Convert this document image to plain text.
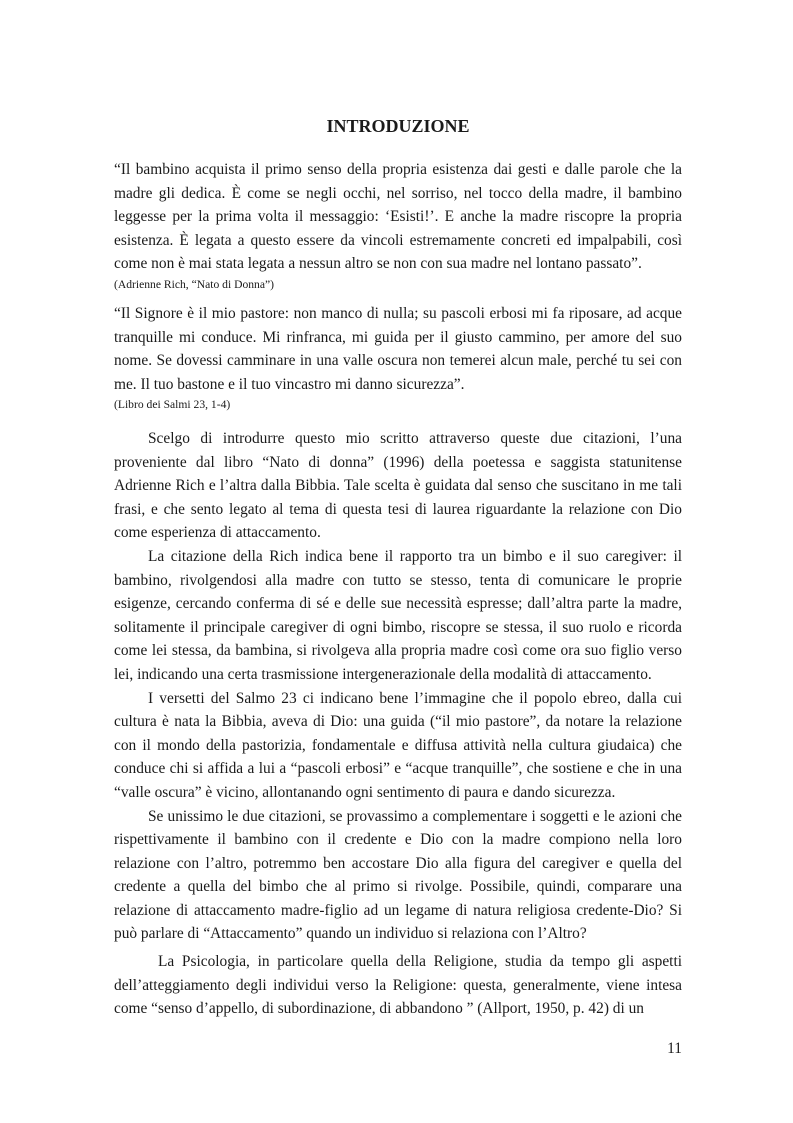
INTRODUZIONE
“Il bambino acquista il primo senso della propria esistenza dai gesti e dalle parole che la madre gli dedica. È come se negli occhi, nel sorriso, nel tocco della madre, il bambino leggesse per la prima volta il messaggio: ‘Esisti!’. E anche la madre riscopre la propria esistenza. È legata a questo essere da vincoli estremamente concreti ed impalpabili, così come non è mai stata legata a nessun altro se non con sua madre nel lontano passato”.
(Adrienne Rich, “Nato di Donna”)
“Il Signore è il mio pastore: non manco di nulla; su pascoli erbosi mi fa riposare, ad acque tranquille mi conduce. Mi rinfranca, mi guida per il giusto cammino, per amore del suo nome. Se dovessi camminare in una valle oscura non temerei alcun male, perché tu sei con me. Il tuo bastone e il tuo vincastro mi danno sicurezza”.
(Libro dei Salmi 23, 1-4)

Scelgo di introdurre questo mio scritto attraverso queste due citazioni, l’una proveniente dal libro “Nato di donna” (1996) della poetessa e saggista statunitense Adrienne Rich e l’altra dalla Bibbia. Tale scelta è guidata dal senso che suscitano in me tali frasi, e che sento legato al tema di questa tesi di laurea riguardante la relazione con Dio come esperienza di attaccamento.

La citazione della Rich indica bene il rapporto tra un bimbo e il suo caregiver: il bambino, rivolgendosi alla madre con tutto se stesso, tenta di comunicare le proprie esigenze, cercando conferma di sé e delle sue necessità espresse; dall’altra parte la madre, solitamente il principale caregiver di ogni bimbo, riscopre se stessa, il suo ruolo e ricorda come lei stessa, da bambina, si rivolgeva alla propria madre così come ora suo figlio verso lei, indicando una certa trasmissione intergenerazionale della modalità di attaccamento.

I versetti del Salmo 23 ci indicano bene l’immagine che il popolo ebreo, dalla cui cultura è nata la Bibbia, aveva di Dio: una guida (“il mio pastore”, da notare la relazione con il mondo della pastorizia, fondamentale e diffusa attività nella cultura giudaica) che conduce chi si affida a lui a “pascoli erbosi” e “acque tranquille”, che sostiene e che in una “valle oscura” è vicino, allontanando ogni sentimento di paura e dando sicurezza.

Se unissimo le due citazioni, se provassimo a complementare i soggetti e le azioni che rispettivamente il bambino con il credente e Dio con la madre compiono nella loro relazione con l’altro, potremmo ben accostare Dio alla figura del caregiver e quella del credente a quella del bimbo che al primo si rivolge. Possibile, quindi, comparare una relazione di attaccamento madre-figlio ad un legame di natura religiosa credente-Dio? Si può parlare di “Attaccamento” quando un individuo si relaziona con l’Altro?

La Psicologia, in particolare quella della Religione, studia da tempo gli aspetti dell’atteggiamento degli individui verso la Religione: questa, generalmente, viene intesa come “senso d’appello, di subordinazione, di abbandono ” (Allport, 1950, p. 42) di un

11
